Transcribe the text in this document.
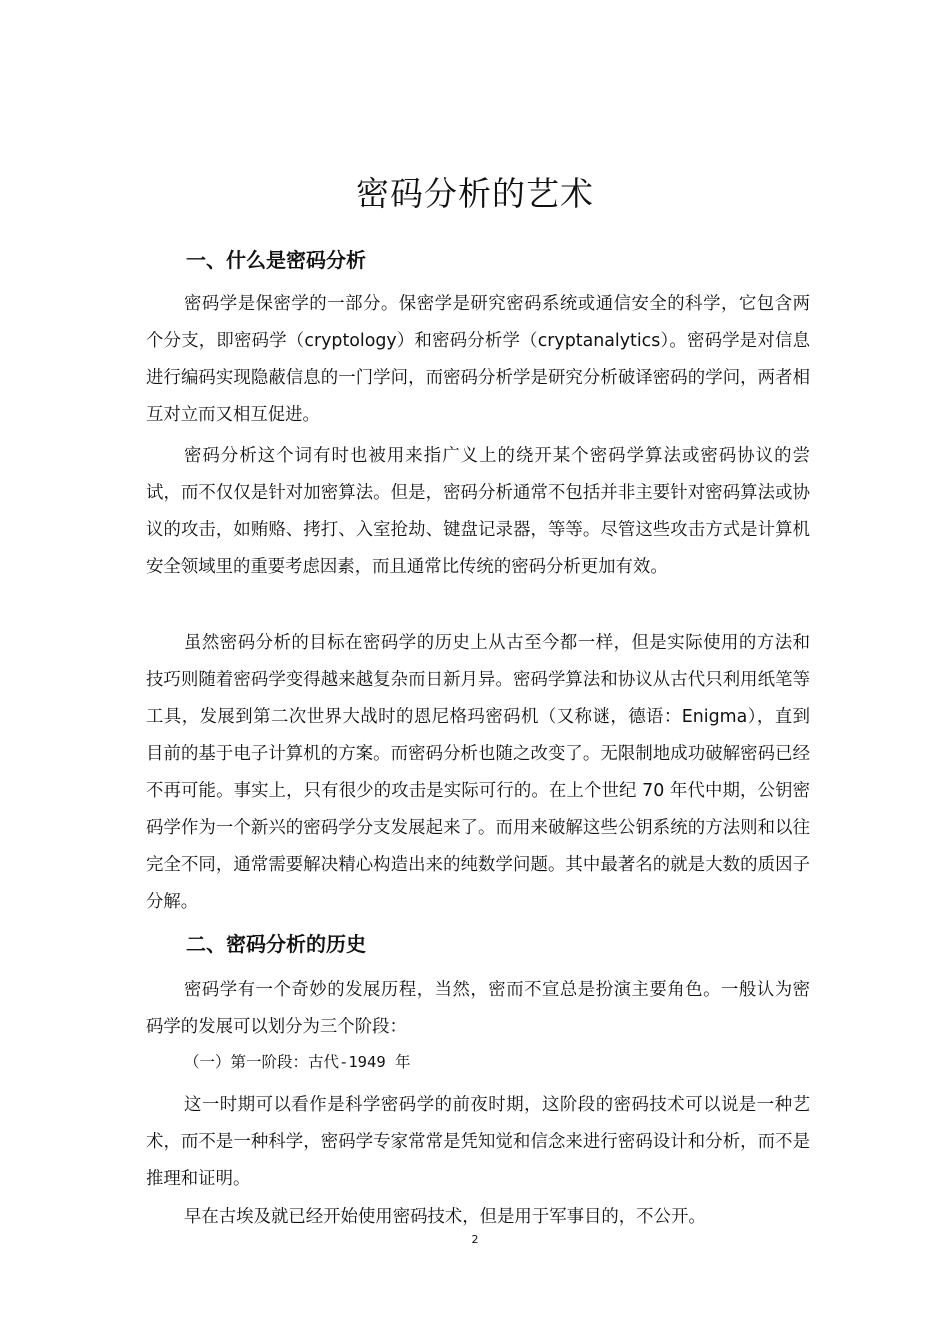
密码分析的艺术
一、什么是密码分析

密码学是保密学的一部分。保密学是研究密码系统或通信安全的科学，它包含两个分支，即密码学（cryptology）和密码分析学（cryptanalytics）。密码学是对信息进行编码实现隐蔽信息的一门学问，而密码分析学是研究分析破译密码的学问，两者相互对立而又相互促进。

密码分析这个词有时也被用来指广义上的绕开某个密码学算法或密码协议的尝试，而不仅仅是针对加密算法。但是，密码分析通常不包括并非主要针对密码算法或协议的攻击，如贿赂、拷打、入室抢劫、键盘记录器，等等。尽管这些攻击方式是计算机安全领域里的重要考虑因素，而且通常比传统的密码分析更加有效。

虽然密码分析的目标在密码学的历史上从古至今都一样，但是实际使用的方法和技巧则随着密码学变得越来越复杂而日新月异。密码学算法和协议从古代只利用纸笔等工具，发展到第二次世界大战时的恩尼格玛密码机（又称谜，德语：Enigma），直到目前的基于电子计算机的方案。而密码分析也随之改变了。无限制地成功破解密码已经不再可能。事实上，只有很少的攻击是实际可行的。在上个世纪 70 年代中期，公钥密码学作为一个新兴的密码学分支发展起来了。而用来破解这些公钥系统的方法则和以往完全不同，通常需要解决精心构造出来的纯数学问题。其中最著名的就是大数的质因子分解。

二、密码分析的历史

密码学有一个奇妙的发展历程，当然，密而不宣总是扮演主要角色。一般认为密码学的发展可以划分为三个阶段：

（一）第一阶段：古代-1949 年

这一时期可以看作是科学密码学的前夜时期，这阶段的密码技术可以说是一种艺术，而不是一种科学，密码学专家常常是凭知觉和信念来进行密码设计和分析，而不是推理和证明。

早在古埃及就已经开始使用密码技术，但是用于军事目的，不公开。

2
